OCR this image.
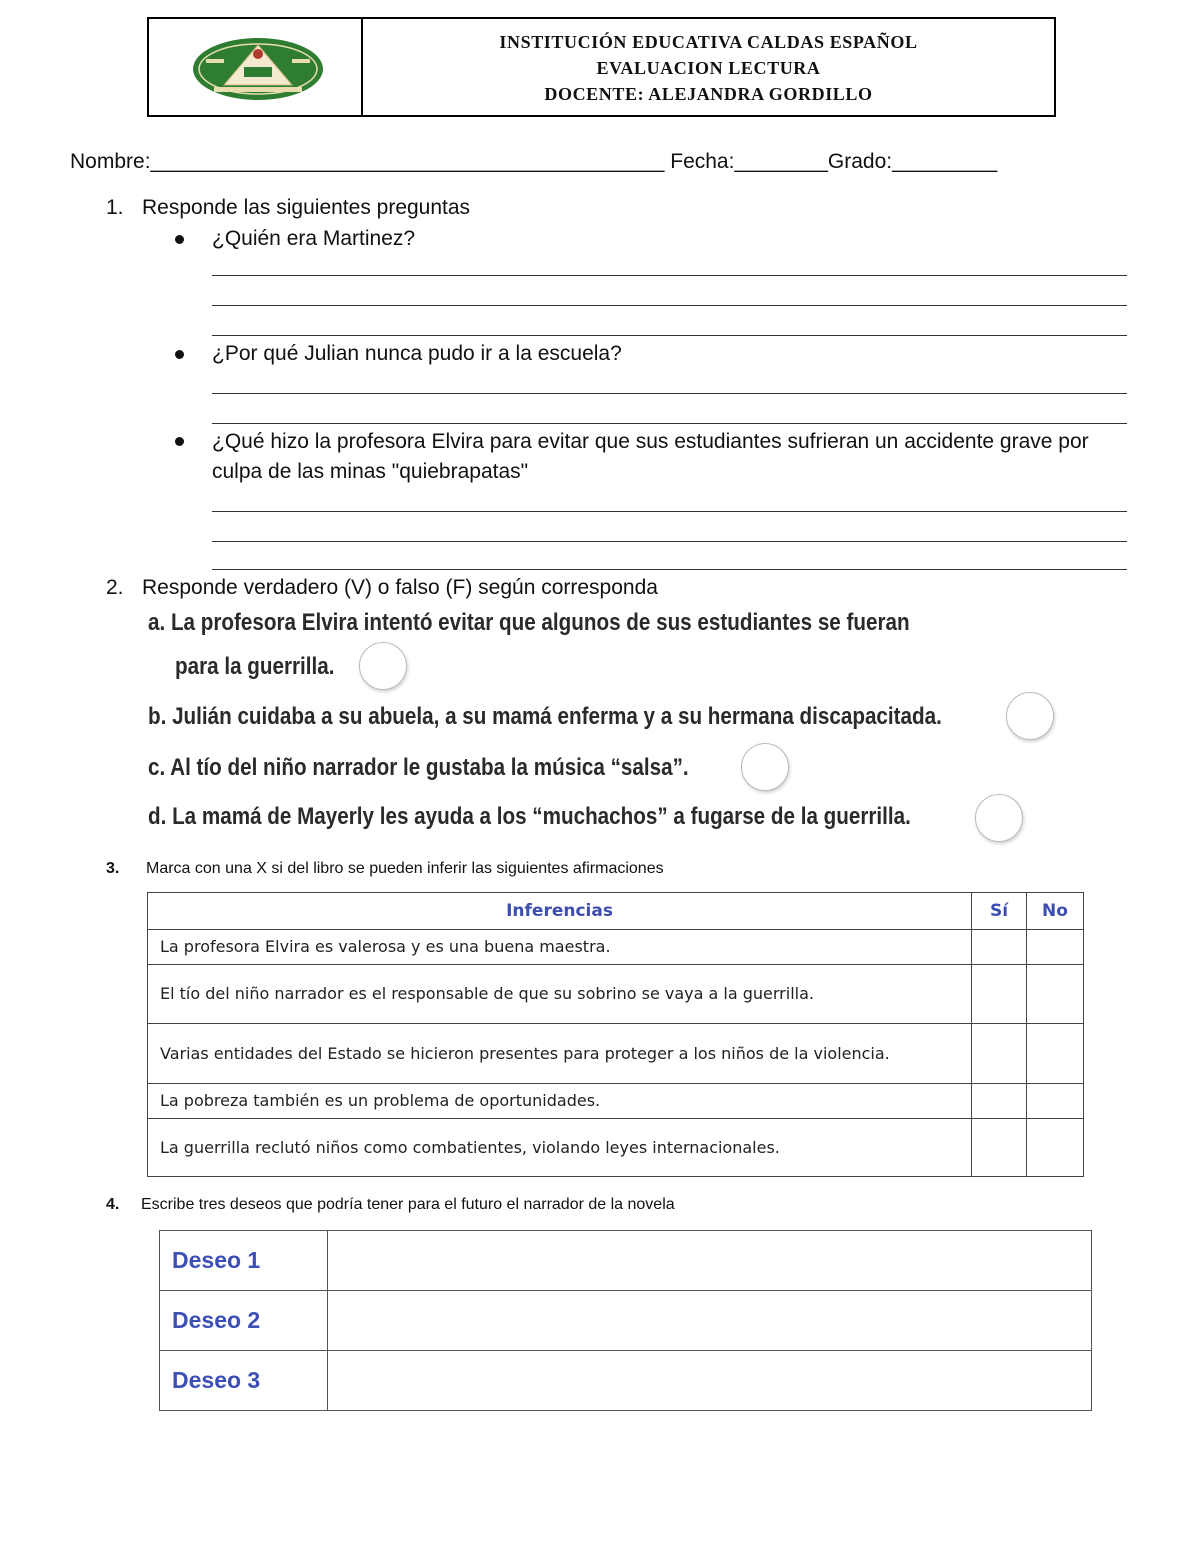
INSTITUCIÓN EDUCATIVA CALDAS ESPAÑOL
EVALUACION LECTURA
DOCENTE: ALEJANDRA GORDILLO
Nombre:____________________________________________ Fecha:________Grado:_________
1. Responde las siguientes preguntas
¿Quién era Martinez?
¿Por qué Julian nunca pudo ir a la escuela?
¿Qué hizo la profesora Elvira para evitar que sus estudiantes sufrieran un accidente grave por culpa de las minas "quiebrapatas"
2. Responde verdadero (V) o falso (F) según corresponda
a. La profesora Elvira intentó evitar que algunos de sus estudiantes se fueran
para la guerrilla.
b. Julián cuidaba a su abuela, a su mamá enferma y a su hermana discapacitada.
c. Al tío del niño narrador le gustaba la música “salsa”.
d. La mamá de Mayerly les ayuda a los “muchachos” a fugarse de la guerrilla.
3. Marca con una X si del libro se pueden inferir las siguientes afirmaciones
Inferencias	Sí	No
La profesora Elvira es valerosa y es una buena maestra.		
El tío del niño narrador es el responsable de que su sobrino se vaya a la guerrilla.		
Varias entidades del Estado se hicieron presentes para proteger a los niños de la violencia.		
La pobreza también es un problema de oportunidades.		
La guerrilla reclutó niños como combatientes, violando leyes internacionales.		
4. Escribe tres deseos que podría tener para el futuro el narrador de la novela
Deseo 1	
Deseo 2	
Deseo 3	
